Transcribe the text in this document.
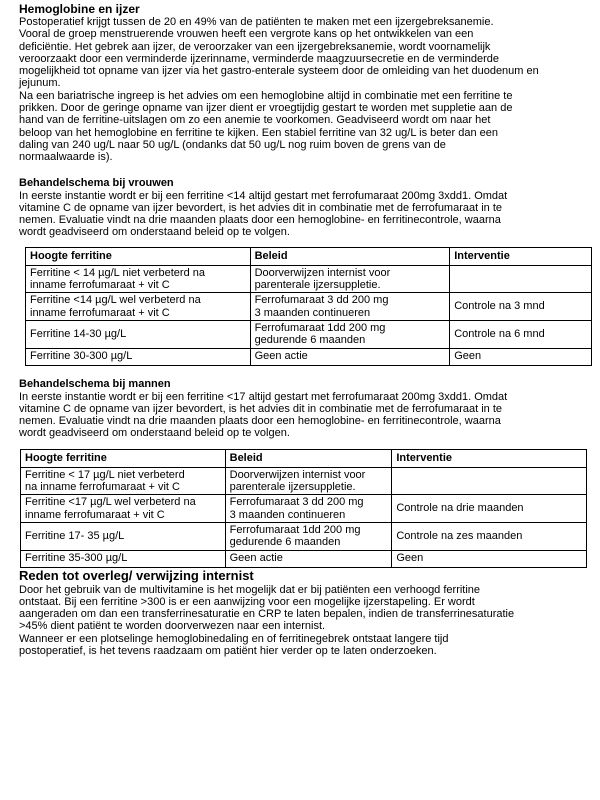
Hemoglobine en ijzer
Postoperatief krijgt tussen de 20 en 49% van de patiënten te maken met een ijzergebreksanemie.
Vooral de groep menstruerende vrouwen heeft een vergrote kans op het ontwikkelen van een
deficiëntie. Het gebrek aan ijzer, de veroorzaker van een ijzergebreksanemie, wordt voornamelijk
veroorzaakt door een verminderde ijzerinname, verminderde maagzuursecretie en de verminderde
mogelijkheid tot opname van ijzer via het gastro-enterale systeem door de omleiding van het duodenum en
jejunum.
Na een bariatrische ingreep is het advies om een hemoglobine altijd in combinatie met een ferritine te
prikken. Door de geringe opname van ijzer dient er vroegtijdig gestart te worden met suppletie aan de
hand van de ferritine-uitslagen om zo een anemie te voorkomen. Geadviseerd wordt om naar het
beloop van het hemoglobine en ferritine te kijken. Een stabiel ferritine van 32 ug/L is beter dan een
daling van 240 ug/L naar 50 ug/L (ondanks dat 50 ug/L nog ruim boven de grens van de
normaalwaarde is).
Behandelschema bij vrouwen
In eerste instantie wordt er bij een ferritine <14 altijd gestart met ferrofumaraat 200mg 3xdd1. Omdat
vitamine C de opname van ijzer bevordert, is het advies dit in combinatie met de ferrofumaraat in te
nemen. Evaluatie vindt na drie maanden plaats door een hemoglobine- en ferritinecontrole, waarna
wordt geadviseerd om onderstaand beleid op te volgen.
Hoogte ferritine	Beleid	Interventie
Ferritine < 14 µg/L niet verbeterd na
inname ferrofumaraat + vit C	Doorverwijzen internist voor
parenterale ijzersuppletie.	
Ferritine <14 µg/L wel verbeterd na
inname ferrofumaraat + vit C	Ferrofumaraat 3 dd 200 mg
3 maanden continueren	Controle na 3 mnd
Ferritine 14-30 µg/L	Ferrofumaraat 1dd 200 mg
gedurende 6 maanden	Controle na 6 mnd
Ferritine 30-300 µg/L	Geen actie	Geen
Behandelschema bij mannen
In eerste instantie wordt er bij een ferritine <17 altijd gestart met ferrofumaraat 200mg 3xdd1. Omdat
vitamine C de opname van ijzer bevordert, is het advies dit in combinatie met de ferrofumaraat in te
nemen. Evaluatie vindt na drie maanden plaats door een hemoglobine- en ferritinecontrole, waarna
wordt geadviseerd om onderstaand beleid op te volgen.
Hoogte ferritine	Beleid	Interventie
Ferritine < 17 µg/L niet verbeterd
na inname ferrofumaraat + vit C	Doorverwijzen internist voor
parenterale ijzersuppletie.	
Ferritine <17 µg/L wel verbeterd na
inname ferrofumaraat + vit C	Ferrofumaraat 3 dd 200 mg
3 maanden continueren	Controle na drie maanden
Ferritine 17- 35 µg/L	Ferrofumaraat 1dd 200 mg
gedurende 6 maanden	Controle na zes maanden
Ferritine 35-300 µg/L	Geen actie	Geen
Reden tot overleg/ verwijzing internist
Door het gebruik van de multivitamine is het mogelijk dat er bij patiënten een verhoogd ferritine
ontstaat. Bij een ferritine >300 is er een aanwijzing voor een mogelijke ijzerstapeling. Er wordt
aangeraden om dan een transferrinesaturatie en CRP te laten bepalen, indien de transferrinesaturatie
>45% dient patiënt te worden doorverwezen naar een internist.
Wanneer er een plotselinge hemoglobinedaling en of ferritinegebrek ontstaat langere tijd
postoperatief, is het tevens raadzaam om patiënt hier verder op te laten onderzoeken.
